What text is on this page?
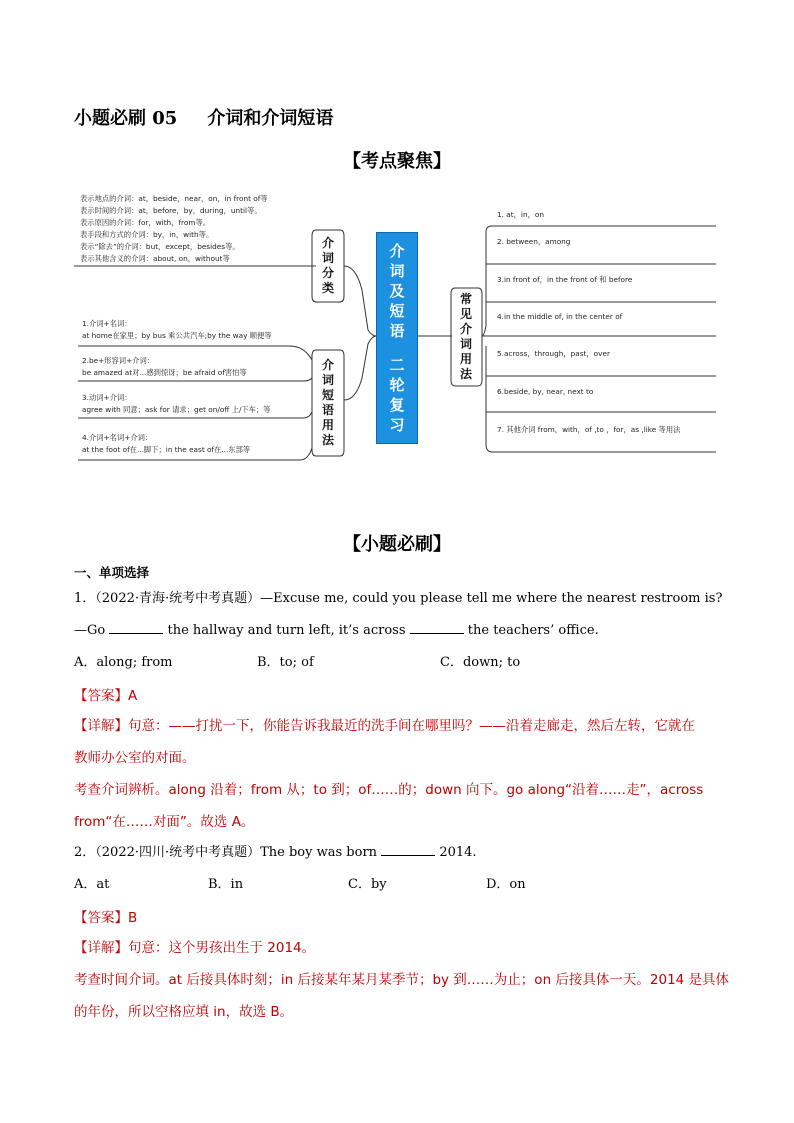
小题必刷 05 介词和介词短语
【考点聚焦】
表示地点的介词：at，beside，near，on，in front of等
表示时间的介词：at，before，by，during，until等。
表示原因的介词：for，with，from等。
表手段和方式的介词：by，in，with等。
表示“除去”的介词：but，except，besides等。
表示其他含义的介词：about, on，without等
1.介词+名词：
at home在家里；by bus 乘公共汽车;by the way 顺便等
2.be+形容词+介词：
be amazed at对...感到惊讶；be afraid of害怕等
3.动词+介词：
agree with 同意；ask for 请求；get on/off 上/下车；等
4.介词+名词+介词：
at the foot of在...脚下；in the east of在...东部等
介词分类
介词短语用法
常见介词用法
介词及短语
二轮复习
1. at，in，on
2. between，among
3.in front of，in the front of 和 before
4.in the middle of, in the center of
5.across，through，past，over
6.beside, by, near, next to
7. 其他介词 from，with，of ,to ，for，as ,like 等用法
【小题必刷】
一、单项选择
1．（2022·青海·统考中考真题）—Excuse me, could you please tell me where the nearest restroom is?
—Go	the hallway and turn left, it’s across	the teachers’ office.
A．along; from	B．to; of	C．down; to
【答案】A
【详解】句意：——打扰一下，你能告诉我最近的洗手间在哪里吗？——沿着走廊走，然后左转，它就在
教师办公室的对面。
考查介词辨析。along 沿着；from 从；to 到；of……的；down 向下。go along“沿着……走”，across
from“在……对面”。故选 A。
2．（2022·四川·统考中考真题）The boy was born	2014.
A．at	B．in	C．by	D．on
【答案】B
【详解】句意：这个男孩出生于 2014。
考查时间介词。at 后接具体时刻；in 后接某年某月某季节；by 到……为止；on 后接具体一天。2014 是具体
的年份，所以空格应填 in，故选 B。
